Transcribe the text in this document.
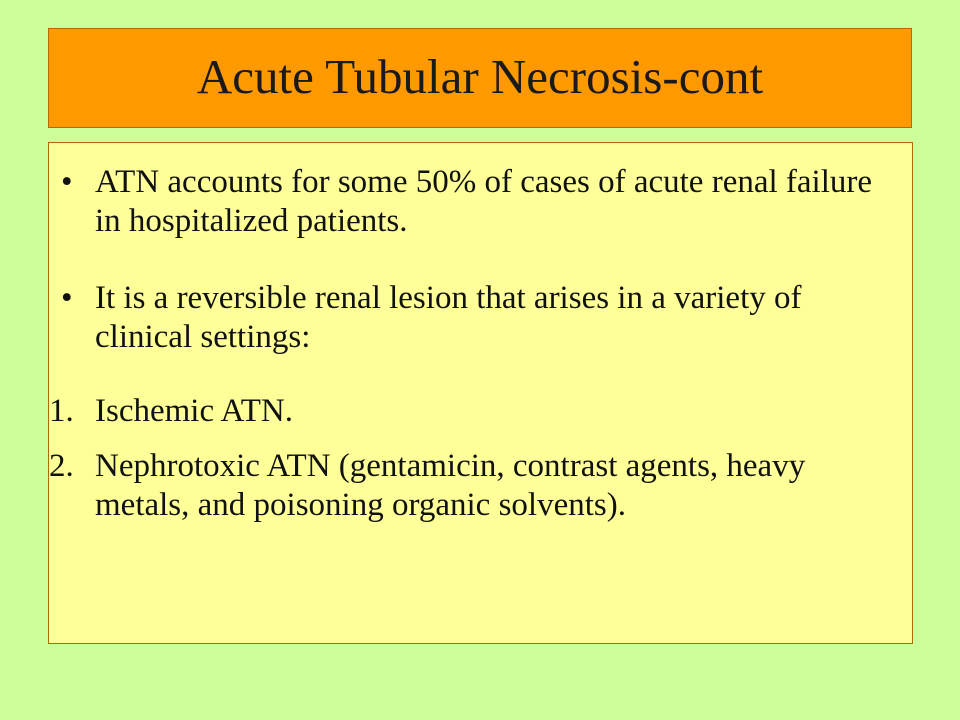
Acute Tubular Necrosis-cont
• ATN accounts for some 50% of cases of acute renal failure in hospitalized patients.
• It is a reversible renal lesion that arises in a variety of clinical settings:
1. Ischemic ATN.
2. Nephrotoxic ATN (gentamicin, contrast agents, heavy metals, and poisoning organic solvents).
